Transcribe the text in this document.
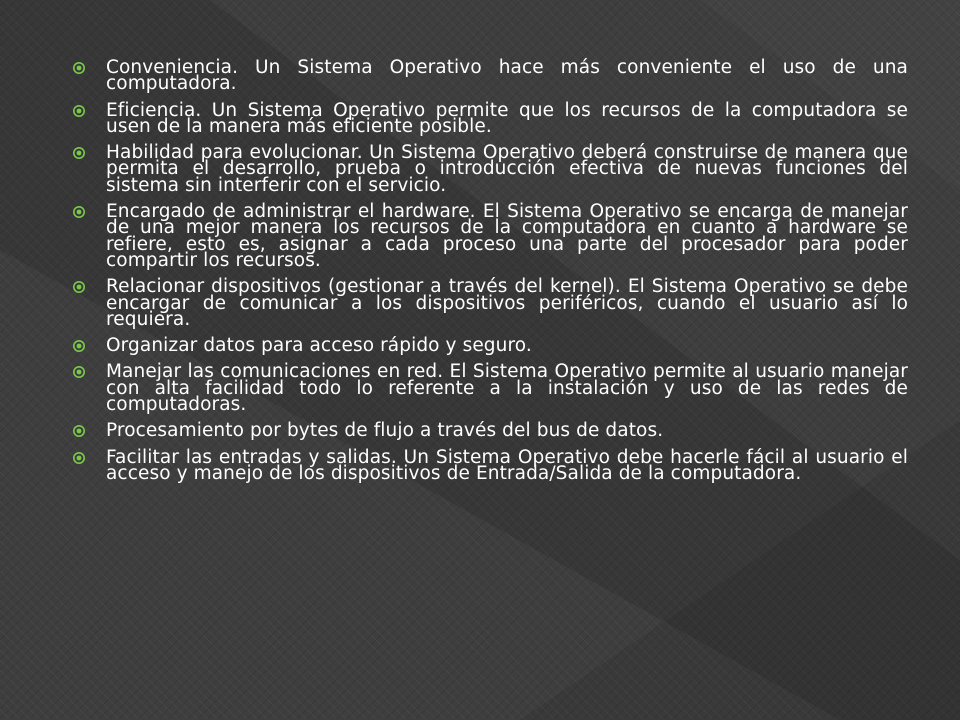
Conveniencia. Un Sistema Operativo hace más conveniente el uso de una computadora.
Eficiencia. Un Sistema Operativo permite que los recursos de la computadora se usen de la manera más eficiente posible.
Habilidad para evolucionar. Un Sistema Operativo deberá construirse de manera que permita el desarrollo, prueba o introducción efectiva de nuevas funciones del sistema sin interferir con el servicio.
Encargado de administrar el hardware. El Sistema Operativo se encarga de manejar de una mejor manera los recursos de la computadora en cuanto a hardware se refiere, esto es, asignar a cada proceso una parte del procesador para poder compartir los recursos.
Relacionar dispositivos (gestionar a través del kernel). El Sistema Operativo se debe encargar de comunicar a los dispositivos periféricos, cuando el usuario así lo requiera.
Organizar datos para acceso rápido y seguro.
Manejar las comunicaciones en red. El Sistema Operativo permite al usuario manejar con alta facilidad todo lo referente a la instalación y uso de las redes de computadoras.
Procesamiento por bytes de flujo a través del bus de datos.
Facilitar las entradas y salidas. Un Sistema Operativo debe hacerle fácil al usuario el acceso y manejo de los dispositivos de Entrada/Salida de la computadora.
